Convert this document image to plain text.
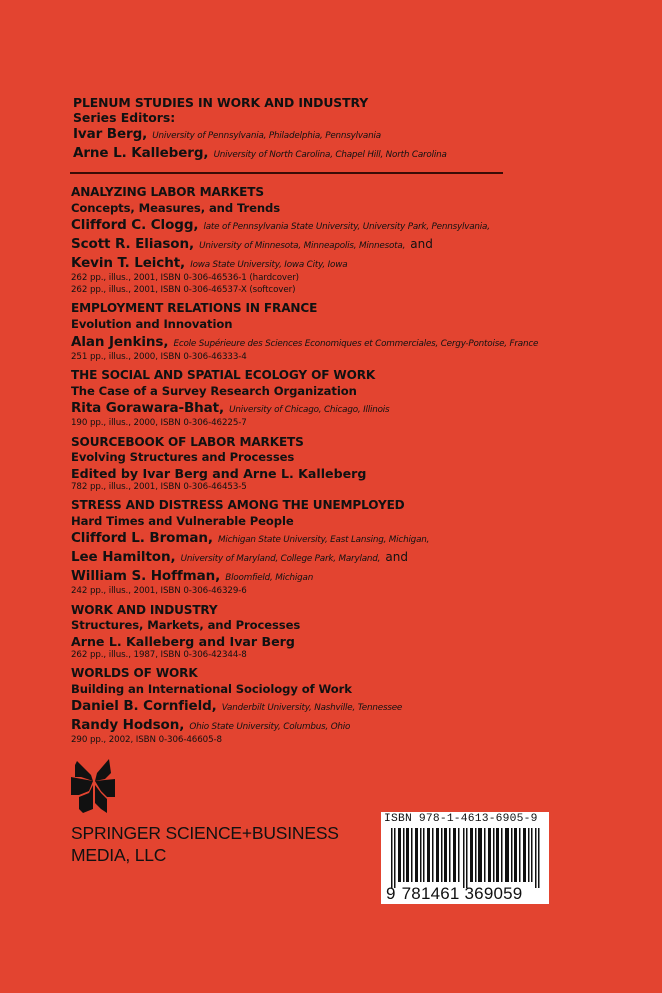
PLENUM STUDIES IN WORK AND INDUSTRY
Series Editors:
Ivar Berg, University of Pennsylvania, Philadelphia, Pennsylvania
Arne L. Kalleberg, University of North Carolina, Chapel Hill, North Carolina
ANALYZING LABOR MARKETS
Concepts, Measures, and Trends
Clifford C. Clogg, late of Pennsylvania State University, University Park, Pennsylvania,
Scott R. Eliason, University of Minnesota, Minneapolis, Minnesota, and
Kevin T. Leicht, Iowa State University, Iowa City, Iowa
262 pp., illus., 2001, ISBN 0-306-46536-1 (hardcover)
262 pp., illus., 2001, ISBN 0-306-46537-X (softcover)
EMPLOYMENT RELATIONS IN FRANCE
Evolution and Innovation
Alan Jenkins, Ecole Supérieure des Sciences Economiques et Commerciales, Cergy-Pontoise, France
251 pp., illus., 2000, ISBN 0-306-46333-4
THE SOCIAL AND SPATIAL ECOLOGY OF WORK
The Case of a Survey Research Organization
Rita Gorawara-Bhat, University of Chicago, Chicago, Illinois
190 pp., illus., 2000, ISBN 0-306-46225-7
SOURCEBOOK OF LABOR MARKETS
Evolving Structures and Processes
Edited by Ivar Berg and Arne L. Kalleberg
782 pp., illus., 2001, ISBN 0-306-46453-5
STRESS AND DISTRESS AMONG THE UNEMPLOYED
Hard Times and Vulnerable People
Clifford L. Broman, Michigan State University, East Lansing, Michigan,
Lee Hamilton, University of Maryland, College Park, Maryland, and
William S. Hoffman, Bloomfield, Michigan
242 pp., illus., 2001, ISBN 0-306-46329-6
WORK AND INDUSTRY
Structures, Markets, and Processes
Arne L. Kalleberg and Ivar Berg
262 pp., illus., 1987, ISBN 0-306-42344-8
WORLDS OF WORK
Building an International Sociology of Work
Daniel B. Cornfield, Vanderbilt University, Nashville, Tennessee
Randy Hodson, Ohio State University, Columbus, Ohio
290 pp., 2002, ISBN 0-306-46605-8
SPRINGER SCIENCE+BUSINESS
MEDIA, LLC
ISBN 978-1-4613-6905-9
9 781461 369059
